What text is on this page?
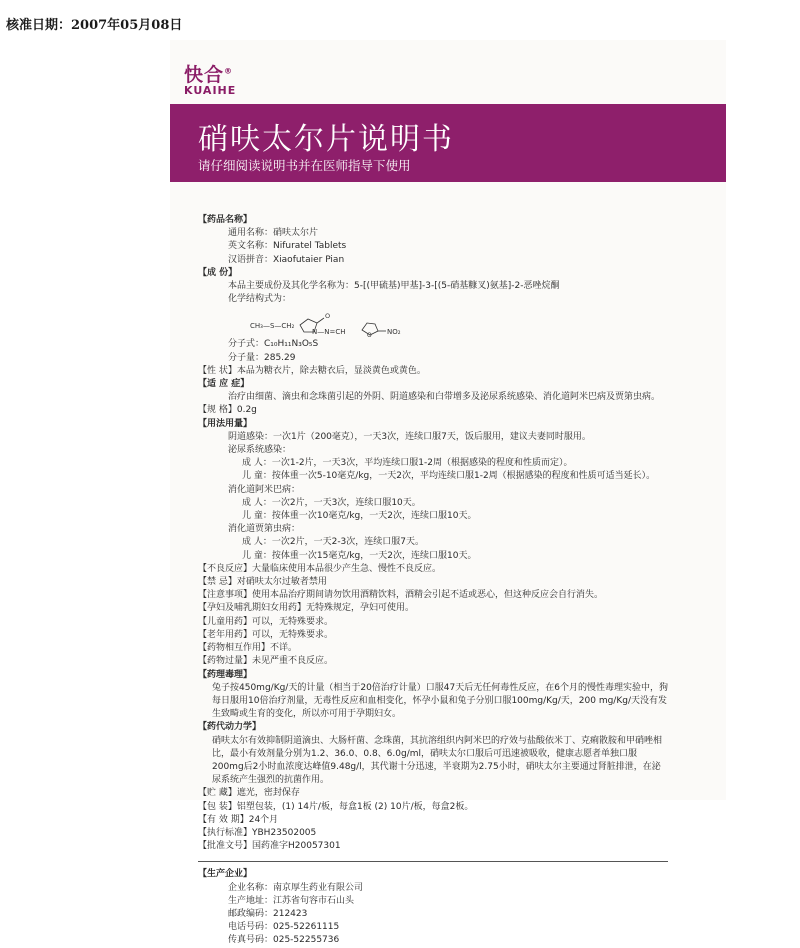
核准日期：2007年05月08日
快合®
KUAIHE
硝呋太尔片说明书
请仔细阅读说明书并在医师指导下使用
【药品名称】
通用名称：硝呋太尔片
英文名称：Nifuratel Tablets
汉语拼音：Xiaofutaier Pian
【成 份】
本品主要成份及其化学名称为：5-[(甲硫基)甲基]-3-[(5-硝基糠叉)氨基]-2-恶唑烷酮
化学结构式为：
CH₃—S—CH₂
O
N—N=CH	O NO₂
分子式：C₁₀H₁₁N₃O₅S
分子量：285.29
【性 状】本品为糖衣片，除去糖衣后，显淡黄色或黄色。
【适 应 症】
治疗由细菌、滴虫和念珠菌引起的外阴、阴道感染和白带增多及泌尿系统感染、消化道阿米巴病及贾第虫病。
【规 格】0.2g
【用法用量】
阴道感染：一次1片（200毫克），一天3次，连续口服7天，饭后服用，建议夫妻同时服用。
泌尿系统感染：
成 人：一次1-2片，一天3次，平均连续口服1-2周（根据感染的程度和性质而定）。
儿 童：按体重一次5-10毫克/kg，一天2次，平均连续口服1-2周（根据感染的程度和性质可适当延长）。
消化道阿米巴病：
成 人：一次2片，一天3次，连续口服10天。
儿 童：按体重一次10毫克/kg，一天2次，连续口服10天。
消化道贾第虫病：
成 人：一次2片，一天2-3次，连续口服7天。
儿 童：按体重一次15毫克/kg，一天2次，连续口服10天。
【不良反应】大量临床使用本品很少产生急、慢性不良反应。
【禁 忌】对硝呋太尔过敏者禁用
【注意事项】使用本品治疗期间请勿饮用酒精饮料，酒精会引起不适或恶心，但这种反应会自行消失。
【孕妇及哺乳期妇女用药】无特殊规定，孕妇可使用。
【儿童用药】可以，无特殊要求。
【老年用药】可以，无特殊要求。
【药物相互作用】不详。
【药物过量】未见严重不良反应。
【药理毒理】
兔子按450mg/Kg/天的计量（相当于20倍治疗计量）口服47天后无任何毒性反应，在6个月的慢性毒理实验中，狗每日服用10倍治疗剂量，无毒性反应和血相变化，怀孕小鼠和兔子分别口服100mg/Kg/天，200 mg/Kg/天没有发生致畸或生育的变化，所以亦可用于孕期妇女。
【药代动力学】
硝呋太尔有效抑制阴道滴虫、大肠杆菌、念珠菌，其抗溶组织内阿米巴的疗效与盐酸依米丁、克痢散胺和甲硝唑相比，最小有效剂量分别为1.2、36.0、0.8、6.0g/ml，硝呋太尔口服后可迅速被吸收，健康志愿者单独口服200mg后2小时血浓度达峰值9.48g/l，其代谢十分迅速，半衰期为2.75小时，硝呋太尔主要通过肾脏排泄，在泌尿系统产生强烈的抗菌作用。
【贮 藏】遮光，密封保存
【包 装】铝塑包装，(1) 14片/板，每盒1板 (2) 10片/板，每盒2板。
【有 效 期】24个月
【执行标准】YBH23502005
【批准文号】国药准字H20057301
【生产企业】
企业名称：南京厚生药业有限公司
生产地址：江苏省句容市石山头
邮政编码：212423
电话号码：025-52261115
传真号码：025-52255736
